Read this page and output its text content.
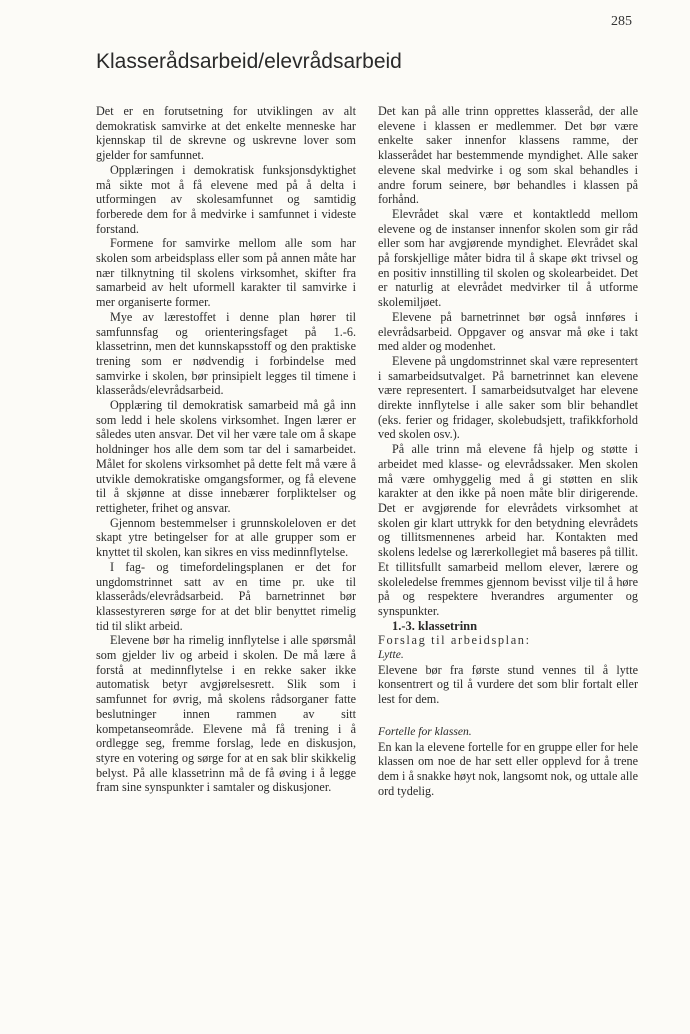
285
Klasserådsarbeid/elevrådsarbeid

Det er en forutsetning for utviklingen av alt demokratisk samvirke at det enkelte menneske har kjennskap til de skrevne og uskrevne lover som gjelder for samfunnet.

Opplæringen i demokratisk funksjonsdyktighet må sikte mot å få elevene med på å delta i utformingen av skolesamfunnet og samtidig forberede dem for å medvirke i samfunnet i videste forstand.

Formene for samvirke mellom alle som har skolen som arbeidsplass eller som på annen måte har nær tilknytning til skolens virksomhet, skifter fra samarbeid av helt uformell karakter til samvirke i mer organiserte former.

Mye av lærestoffet i denne plan hører til samfunnsfag og orienteringsfaget på 1.-6. klassetrinn, men det kunnskapsstoff og den praktiske trening som er nødvendig i forbindelse med samvirke i skolen, bør prinsipielt legges til timene i klasseråds/elevrådsarbeid.

Opplæring til demokratisk samarbeid må gå inn som ledd i hele skolens virksomhet. Ingen lærer er således uten ansvar. Det vil her være tale om å skape holdninger hos alle dem som tar del i samarbeidet. Målet for skolens virksomhet på dette felt må være å utvikle demokratiske omgangsformer, og få elevene til å skjønne at disse innebærer forpliktelser og rettigheter, frihet og ansvar.

Gjennom bestemmelser i grunnskoleloven er det skapt ytre betingelser for at alle grupper som er knyttet til skolen, kan sikres en viss medinnflytelse.

I fag- og timefordelingsplanen er det for ungdomstrinnet satt av en time pr. uke til klasseråds/elevrådsarbeid. På barnetrinnet bør klassestyreren sørge for at det blir benyttet rimelig tid til slikt arbeid.

Elevene bør ha rimelig innflytelse i alle spørsmål som gjelder liv og arbeid i skolen. De må lære å forstå at medinnflytelse i en rekke saker ikke automatisk betyr avgjørelsesrett. Slik som i samfunnet for øvrig, må skolens rådsorganer fatte beslutninger innen rammen av sitt kompetanseområde. Elevene må få trening i å ordlegge seg, fremme forslag, lede en diskusjon, styre en votering og sørge for at en sak blir skikkelig belyst. På alle klassetrinn må de få øving i å legge fram sine synspunkter i samtaler og diskusjoner.

Det kan på alle trinn opprettes klasseråd, der alle elevene i klassen er medlemmer. Det bør være enkelte saker innenfor klassens ramme, der klasserådet har bestemmende myndighet. Alle saker elevene skal medvirke i og som skal behandles i andre forum seinere, bør behandles i klassen på forhånd.

Elevrådet skal være et kontaktledd mellom elevene og de instanser innenfor skolen som gir råd eller som har avgjørende myndighet. Elevrådet skal på forskjellige måter bidra til å skape økt trivsel og en positiv innstilling til skolen og skolearbeidet. Det er naturlig at elevrådet medvirker til å utforme skolemiljøet.

Elevene på barnetrinnet bør også innføres i elevrådsarbeid. Oppgaver og ansvar må øke i takt med alder og modenhet.

Elevene på ungdomstrinnet skal være representert i samarbeidsutvalget. På barnetrinnet kan elevene være representert. I samarbeidsutvalget har elevene direkte innflytelse i alle saker som blir behandlet (eks. ferier og fridager, skolebudsjett, trafikkforhold ved skolen osv.).

På alle trinn må elevene få hjelp og støtte i arbeidet med klasse- og elevrådssaker. Men skolen må være omhyggelig med å gi støtten en slik karakter at den ikke på noen måte blir dirigerende. Det er avgjørende for elevrådets virksomhet at skolen gir klart uttrykk for den betydning elevrådets og tillitsmennenes arbeid har. Kontakten med skolens ledelse og lærerkollegiet må baseres på tillit. Et tillitsfullt samarbeid mellom elever, lærere og skoleledelse fremmes gjennom bevisst vilje til å høre på og respektere hverandres argumenter og synspunkter.

1.-3. klassetrinn

Forslag til arbeidsplan:

Lytte.

Elevene bør fra første stund vennes til å lytte konsentrert og til å vurdere det som blir fortalt eller lest for dem.

Fortelle for klassen.

En kan la elevene fortelle for en gruppe eller for hele klassen om noe de har sett eller opplevd for å trene dem i å snakke høyt nok, langsomt nok, og uttale alle ord tydelig.
